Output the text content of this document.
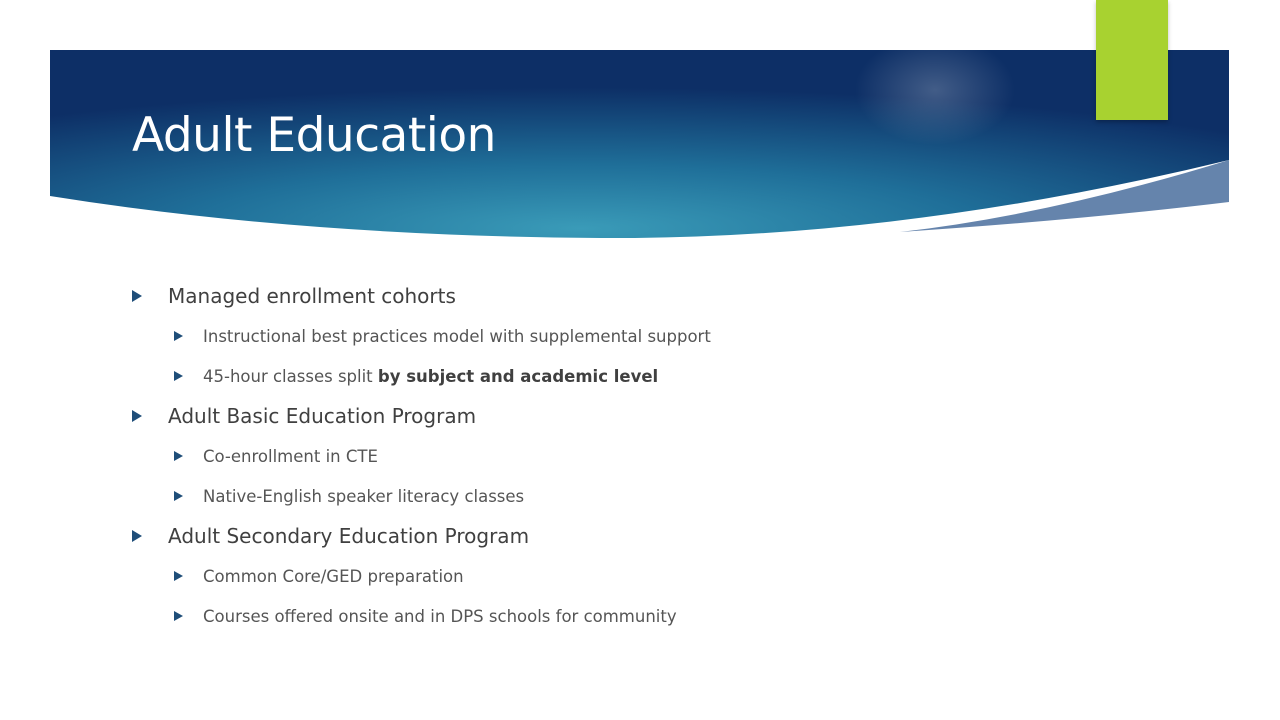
Adult Education
Managed enrollment cohorts
Instructional best practices model with supplemental support
45-hour classes split by subject and academic level
Adult Basic Education Program
Co-enrollment in CTE
Native-English speaker literacy classes
Adult Secondary Education Program
Common Core/GED preparation
Courses offered onsite and in DPS schools for community
